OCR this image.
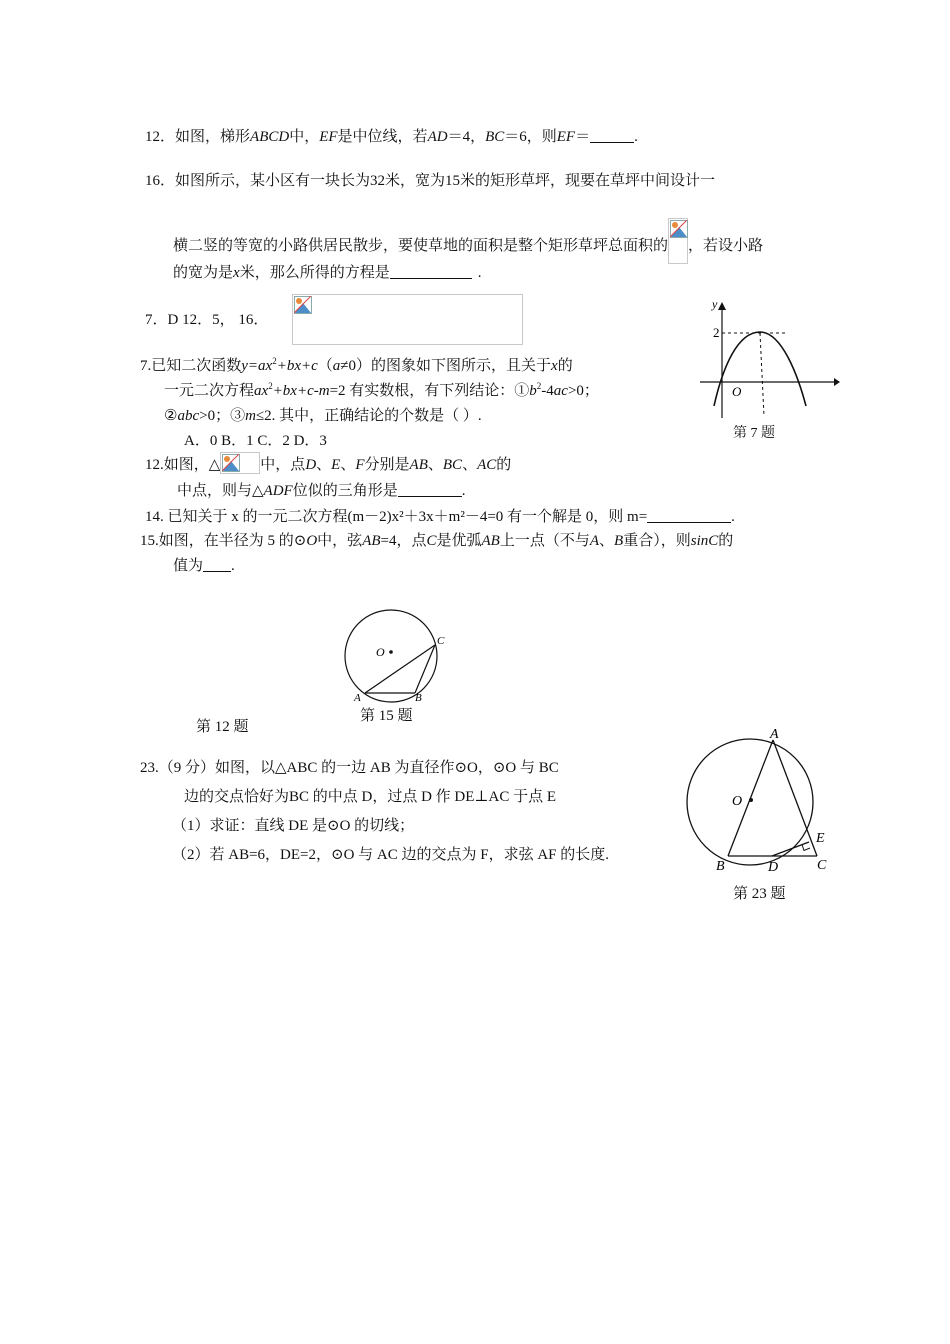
12．如图，梯形ABCD中，EF是中位线，若AD＝4，BC＝6，则EF＝	.
16．如图所示，某小区有一块长为32米，宽为15米的矩形草坪，现要在草坪中间设计一
横二竖的等宽的小路供居民散步，要使草地的面积是整个矩形草坪总面积的 ，若设小路
的宽为是x米，那么所得的方程是	.
7．D 12．5， 16．
7.已知二次函数$y=ax^2+bx+c(a\ne 0)$的图象如下图所示，且关于x的
一元二次方程$ax^2+bx+c-m=2$ 有实数根，有下列结论：$①b^2-4ac>0$；
②abc>0；③m≤2. 其中，正确结论的个数是（ ）.
A．0 B．1 C．2 D．3
y
2
O
第 7 题
12.如图，△	中，点D、E、F分别是AB、BC、AC的
中点，则与△ADF位似的三角形是	.
14. 已知关于 x 的一元二次方程(m－2)x²＋3x＋m²－4=0 有一个解是 0，则 m=	.
15.如图，在半径为 5 的⊙O中，弦AB=4，点C是优弧AB上一点（不与A、B重合），则sinC的
值为 .
O
A	B
C
第 15 题
第 12 题
23.（9 分）如图，以△ABC 的一边 AB 为直径作⊙O，⊙O 与 BC
边的交点恰好为BC 的中点 D，过点 D 作 DE⊥AC 于点 E
（1）求证：直线 DE 是⊙O 的切线；
（2）若 AB=6，DE=2，⊙O 与 AC 边的交点为 F，求弦 AF 的长度.
A
O
B	D	C
E
第 23 题
